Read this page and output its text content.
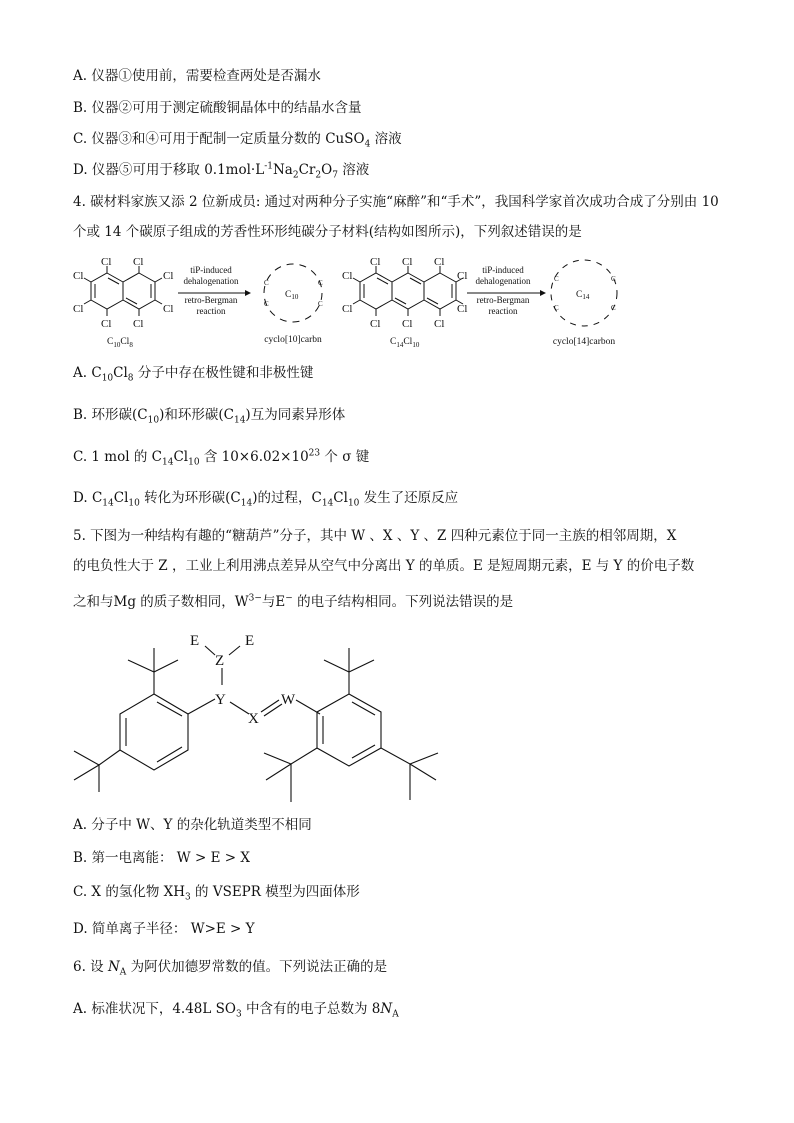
A. 仪器①使用前，需要检查两处是否漏水
B. 仪器②可用于测定硫酸铜晶体中的结晶水含量
C. 仪器③和④可用于配制一定质量分数的 CuSO$_4$ 溶液
D. 仪器⑤可用于移取 $0.1mol\cdot L^{-1}Na_2Cr_2O_7$ 溶液
4. 碳材料家族又添 2 位新成员: 通过对两种分子实施“麻醉”和“手术”，我国科学家首次成功合成了分别由 10
个或 14 个碳原子组成的芳香性环形纯碳分子材料(结构如图所示)，下列叙述错误的是
Cl Cl
Cl
Cl
Cl
Cl
Cl Cl
$C_{10}Cl_8$
tiP-induced
dehalogenation
retro-Bergman
reaction
$C_{10}$
cyclo[10]carbn
Cl Cl Cl
Cl
Cl
Cl
Cl
Cl Cl Cl
$C_{14}Cl_{10}$
tiP-induced
dehalogenation
retro-Bergman
reaction
$C_{14}$
cyclo[14]carbon
C	C
C	C
C	C
C	C
A. $C_{10}Cl_8$ 分子中存在极性键和非极性键
B. 环形碳$(C_{10})$和环形碳$(C_{14})$互为同素异形体
C. 1 mol 的 $C_{14}Cl_{10}$ 含 $10\times 6.02\times 10^{23}$ 个 σ 键
D. $C_{14}Cl_{10}$ 转化为环形碳$(C_{14})$的过程，$C_{14}Cl_{10}$ 发生了还原反应
5. 下图为一种结构有趣的“糖葫芦”分子，其中 W 、X 、Y 、Z 四种元素位于同一主族的相邻周期，X
的电负性大于 Z ，工业上利用沸点差异从空气中分离出 Y 的单质。E 是短周期元素，E 与 Y 的价电子数
之和与Mg 的质子数相同，$W^{3-}$与E− 的电子结构相同。下列说法错误的是
E	E
Z
Y
X
W
A. 分子中 W、Y 的杂化轨道类型不相同
B. 第一电离能： W > E > X
C. X 的氢化物 $XH_3$ 的 VSEPR 模型为四面体形
D. 简单离子半径： W>E > Y
6. 设 $N_A$ 为阿伏加德罗常数的值。下列说法正确的是
A. 标准状况下，4.48L $SO_3$ 中含有的电子总数为 $8N_A$
